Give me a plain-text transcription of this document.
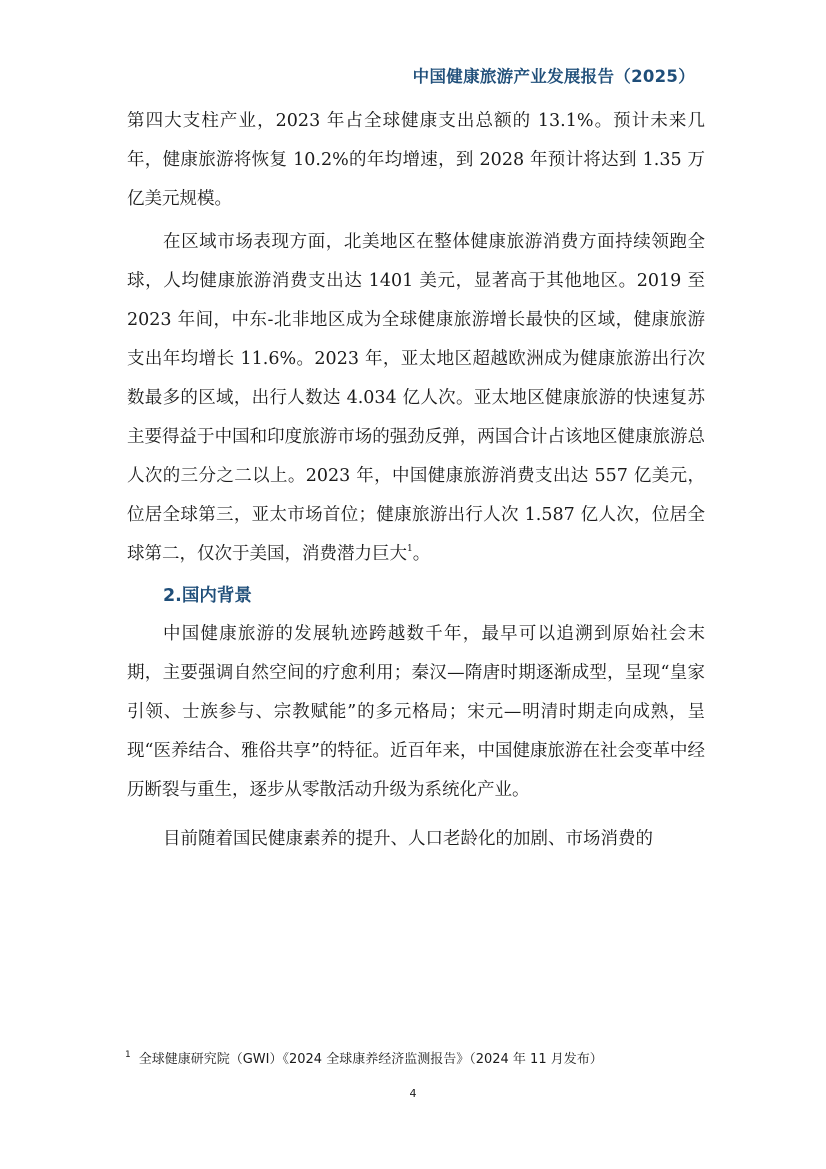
中国健康旅游产业发展报告（2025）

第四大支柱产业，2023 年占全球健康支出总额的 13.1%。预计未来几年，健康旅游将恢复 10.2%的年均增速，到 2028 年预计将达到 1.35 万亿美元规模。

在区域市场表现方面，北美地区在整体健康旅游消费方面持续领跑全球，人均健康旅游消费支出达 1401 美元，显著高于其他地区。2019 至 2023 年间，中东-北非地区成为全球健康旅游增长最快的区域，健康旅游支出年均增长 11.6%。2023 年，亚太地区超越欧洲成为健康旅游出行次数最多的区域，出行人数达 4.034 亿人次。亚太地区健康旅游的快速复苏主要得益于中国和印度旅游市场的强劲反弹，两国合计占该地区健康旅游总人次的三分之二以上。2023 年，中国健康旅游消费支出达 557 亿美元，位居全球第三，亚太市场首位；健康旅游出行人次 1.587 亿人次，位居全球第二，仅次于美国，消费潜力巨大$^1$。

2.国内背景

中国健康旅游的发展轨迹跨越数千年，最早可以追溯到原始社会末期，主要强调自然空间的疗愈利用；秦汉—隋唐时期逐渐成型，呈现“皇家引领、士族参与、宗教赋能”的多元格局；宋元—明清时期走向成熟，呈现“医养结合、雅俗共享”的特征。近百年来，中国健康旅游在社会变革中经历断裂与重生，逐步从零散活动升级为系统化产业。

目前随着国民健康素养的提升、人口老龄化的加剧、市场消费的

$^1$ 全球健康研究院（GWI）《2024 全球康养经济监测报告》（2024 年 11 月发布）
4
